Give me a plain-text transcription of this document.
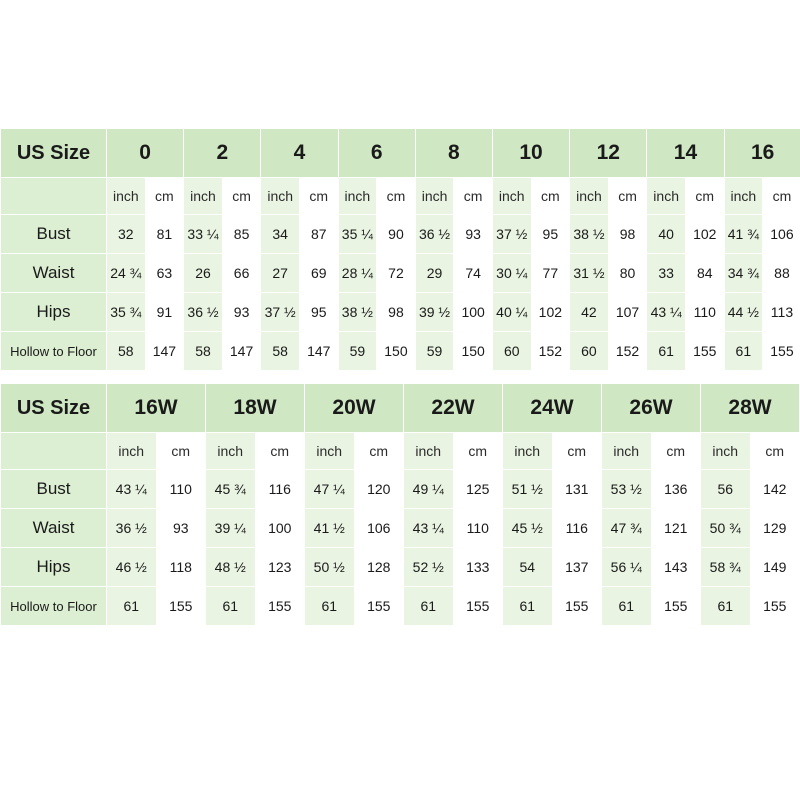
US Size	0		2		4		6		8		10		12		14		16	
	inch	cm	inch	cm	inch	cm	inch	cm	inch	cm	inch	cm	inch	cm	inch	cm	inch	cm
Bust	32	81	33 ¼	85	34	87	35 ¼	90	36 ½	93	37 ½	95	38 ½	98	40	102	41 ¾	106
Waist	24 ¾	63	26	66	27	69	28 ¼	72	29	74	30 ¼	77	31 ½	80	33	84	34 ¾	88
Hips	35 ¾	91	36 ½	93	37 ½	95	38 ½	98	39 ½	100	40 ¼	102	42	107	43 ¼	110	44 ½	113
Hollow to Floor	58	147	58	147	58	147	59	150	59	150	60	152	60	152	61	155	61	155
US Size	16W		18W		20W		22W		24W		26W		28W	
	inch	cm	inch	cm	inch	cm	inch	cm	inch	cm	inch	cm	inch	cm
Bust	43 ¼	110	45 ¾	116	47 ¼	120	49 ¼	125	51 ½	131	53 ½	136	56	142
Waist	36 ½	93	39 ¼	100	41 ½	106	43 ¼	110	45 ½	116	47 ¾	121	50 ¾	129
Hips	46 ½	118	48 ½	123	50 ½	128	52 ½	133	54	137	56 ¼	143	58 ¾	149
Hollow to Floor	61	155	61	155	61	155	61	155	61	155	61	155	61	155
